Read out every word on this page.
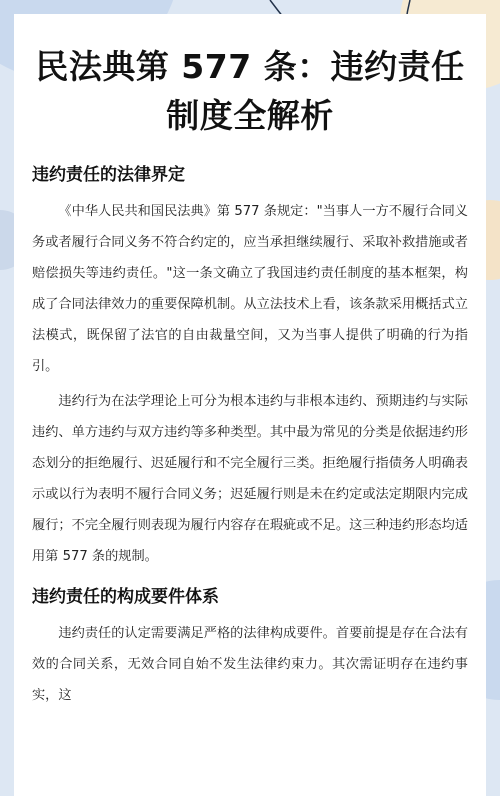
民法典第 577 条：违约责任制度全解析
违约责任的法律界定

《中华人民共和国民法典》第 577 条规定："当事人一方不履行合同义务或者履行合同义务不符合约定的，应当承担继续履行、采取补救措施或者赔偿损失等违约责任。"这一条文确立了我国违约责任制度的基本框架，构成了合同法律效力的重要保障机制。从立法技术上看，该条款采用概括式立法模式，既保留了法官的自由裁量空间，又为当事人提供了明确的行为指引。

违约行为在法学理论上可分为根本违约与非根本违约、预期违约与实际违约、单方违约与双方违约等多种类型。其中最为常见的分类是依据违约形态划分的拒绝履行、迟延履行和不完全履行三类。拒绝履行指债务人明确表示或以行为表明不履行合同义务；迟延履行则是未在约定或法定期限内完成履行；不完全履行则表现为履行内容存在瑕疵或不足。这三种违约形态均适用第 577 条的规制。

违约责任的构成要件体系

违约责任的认定需要满足严格的法律构成要件。首要前提是存在合法有效的合同关系，无效合同自始不发生法律约束力。其次需证明存在违约事实，这
